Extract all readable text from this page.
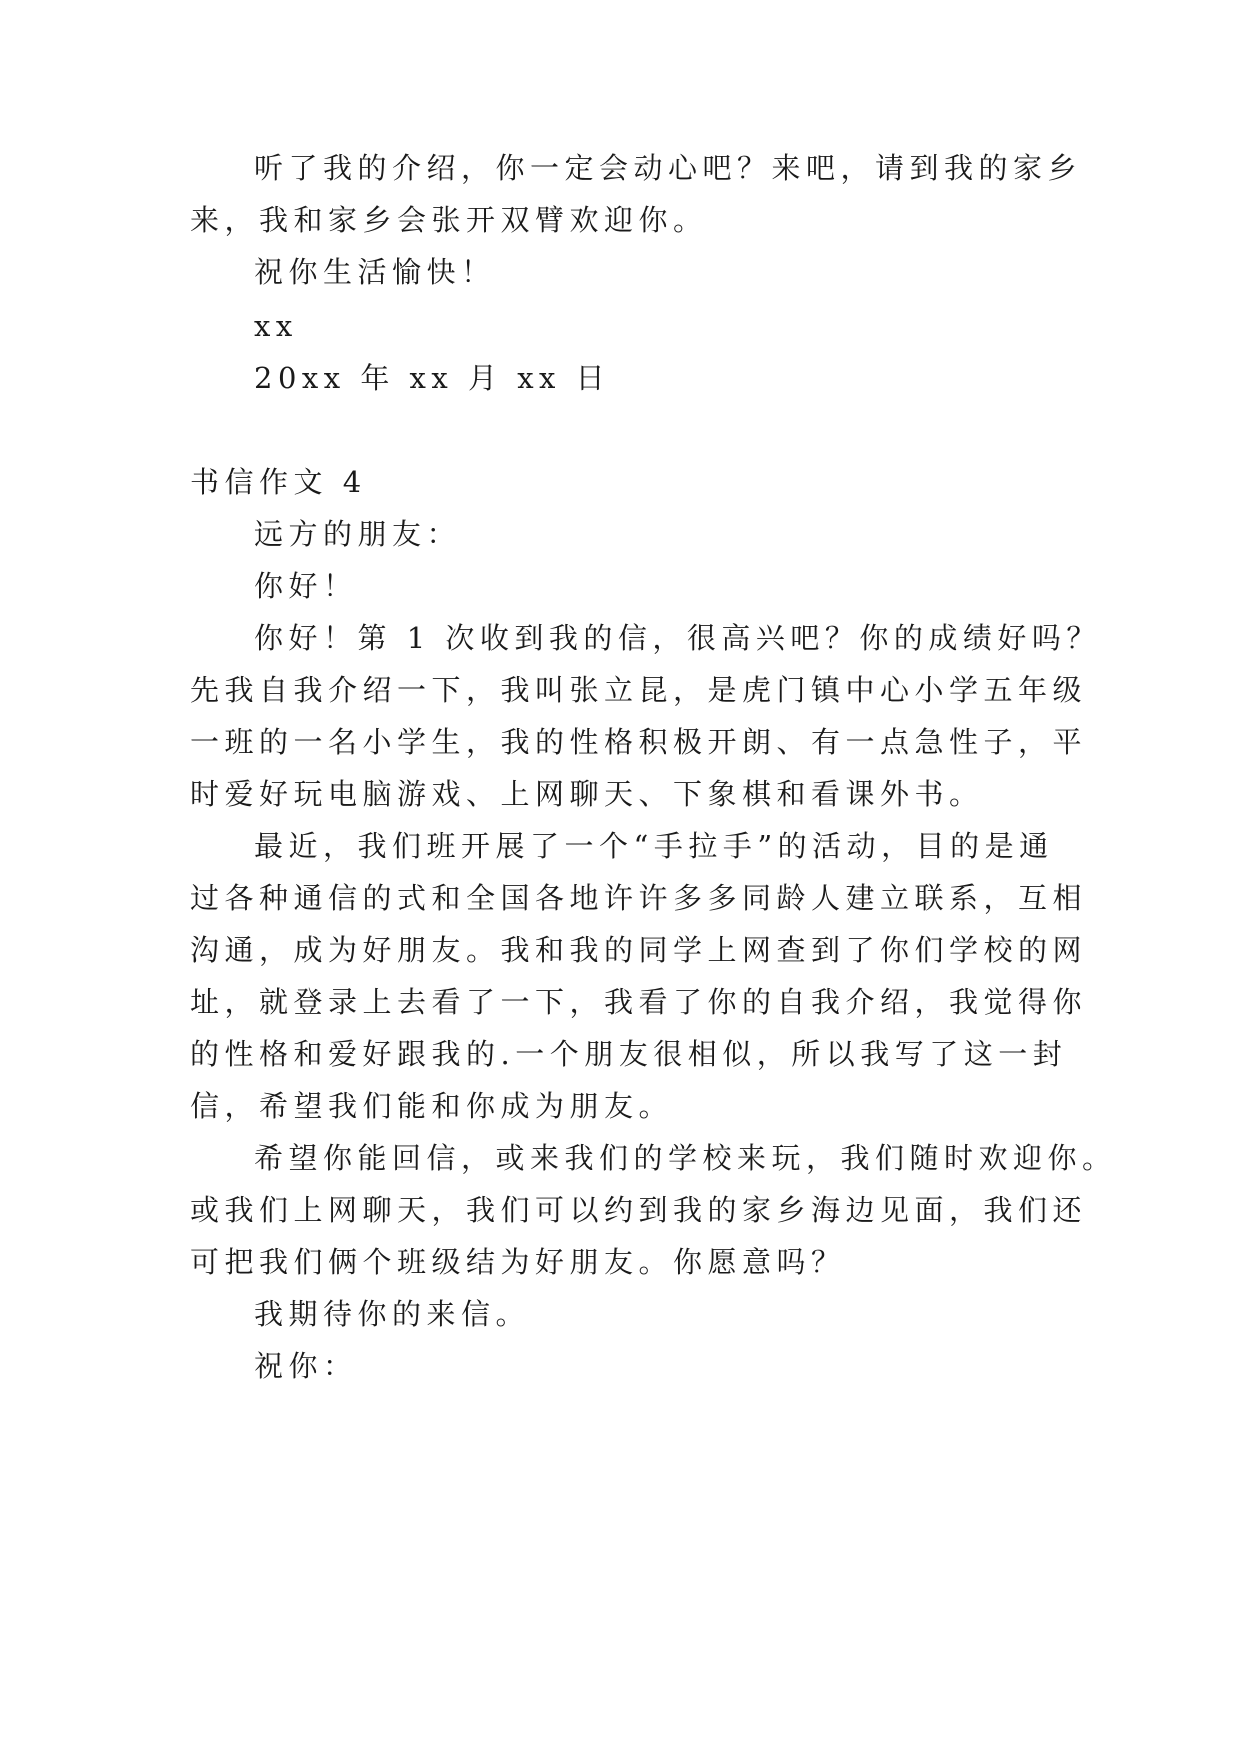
听了我的介绍，你一定会动心吧？来吧，请到我的家乡

来，我和家乡会张开双臂欢迎你。

祝你生活愉快！

xx

20xx 年 xx 月 xx 日

书信作文 4

远方的朋友：

你好！

你好！第 1 次收到我的信，很高兴吧？你的成绩好吗？

先我自我介绍一下，我叫张立昆，是虎门镇中心小学五年级

一班的一名小学生，我的性格积极开朗、有一点急性子，平

时爱好玩电脑游戏、上网聊天、下象棋和看课外书。

最近，我们班开展了一个“手拉手”的活动，目的是通

过各种通信的式和全国各地许许多多同龄人建立联系，互相

沟通，成为好朋友。我和我的同学上网查到了你们学校的网

址，就登录上去看了一下，我看了你的自我介绍，我觉得你

的性格和爱好跟我的.一个朋友很相似，所以我写了这一封

信，希望我们能和你成为朋友。

希望你能回信，或来我们的学校来玩，我们随时欢迎你。

或我们上网聊天，我们可以约到我的家乡海边见面，我们还

可把我们俩个班级结为好朋友。你愿意吗？

我期待你的来信。

祝你：
